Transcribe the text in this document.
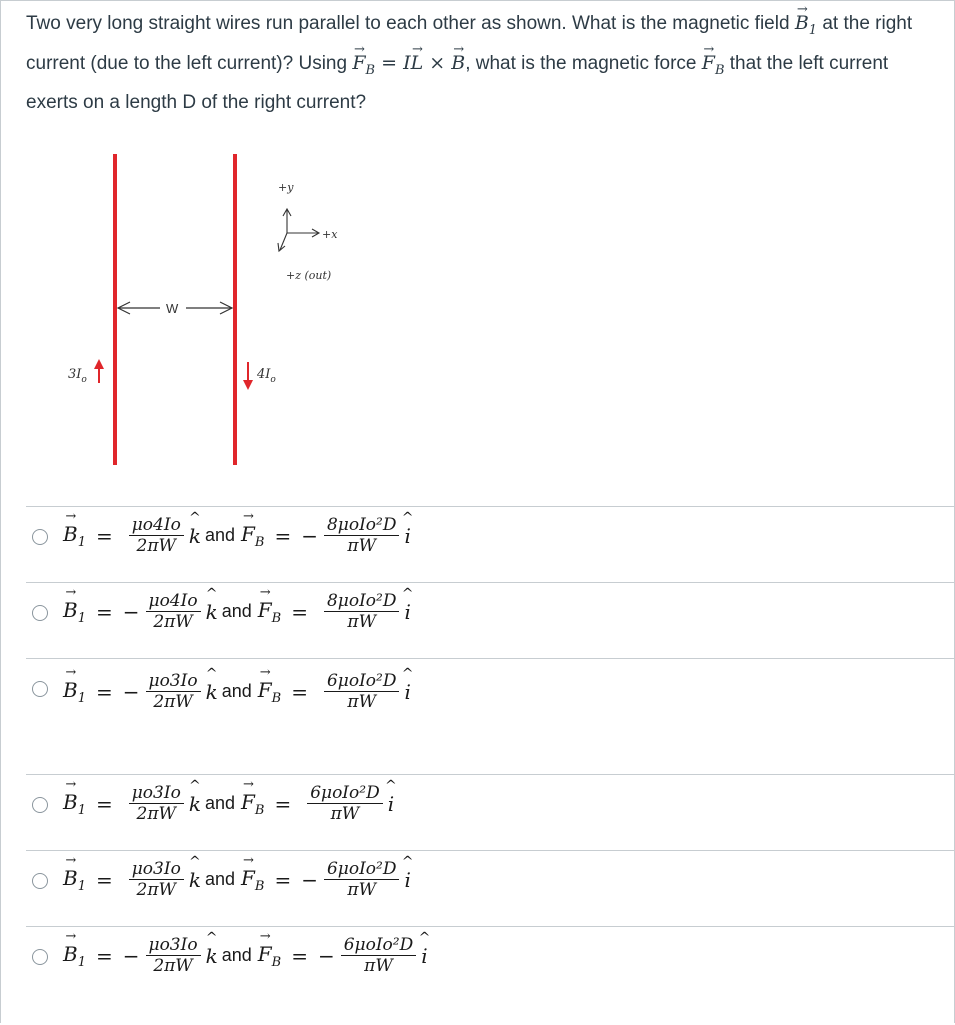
Two very long straight wires run parallel to each other as shown. What is the magnetic field → $B_1$ at the right current (due to the left current)? $Using \to F_B = I\to L$ × → B, what is the magnetic force → $F_B$ that the left current exerts on a length D of the right current?
W
$3I_o$	$4I_o$
+y
+x
+z (out)
→ $B_1 = \frac{\mu o4Io}{2\pi W}$ ^ k and → $F_B$ = − $\frac{\text{8μoIo²D}}{\pi W}$ ^ i
→ $B_1$ = − $\frac{\mu o4Io}{2\pi W}$ ^ k and → $F_B = \frac{\text{8μoIo²D}}{\pi W}$ ^ i
→ $B_1$ = − $\frac{\mu o3Io}{2\pi W}$ ^ k and → $F_B = \frac{\text{6μoIo²D}}{\pi W}$ ^ i
→ $B_1 = \frac{\mu o3Io}{2\pi W}$ ^ k and → $F_B = \frac{\text{6μoIo²D}}{\pi W}$ ^ i
→ $B_1 = \frac{\mu o3Io}{2\pi W}$ ^ k and → $F_B$ = − $\frac{\text{6μoIo²D}}{\pi W}$ ^ i
→ $B_1$ = − $\frac{\mu o3Io}{2\pi W}$ ^ k and → $F_B$ = − $\frac{\text{6μoIo²D}}{\pi W}$ ^ i
